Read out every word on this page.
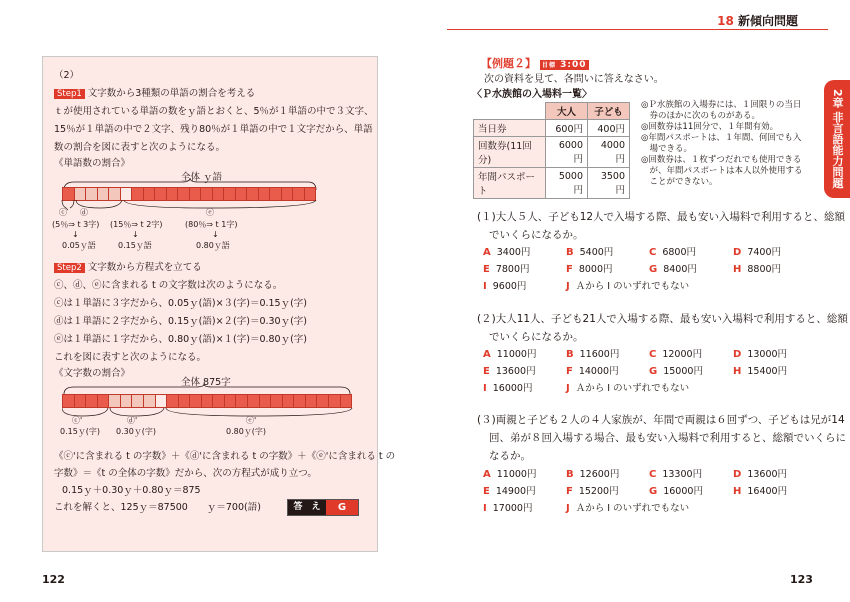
18 新傾向問題
2章 非言語能力問題
（2）
Step1 文字数から3種類の単語の割合を考える
ｔが使用されている単語の数をｙ語とおくと、5％が１単語の中で３文字、
15％が１単語の中で２文字、残り80％が１単語の中で１文字だから、単語
数の割合を図に表すと次のようになる。
《単語数の割合》
全体 ｙ語
ⓒ ⓓ	ⓔ
(5％⇒ t 3字) (15％⇒ t 2字)	(80％⇒ t 1字)
↓	↓	↓
0.05ｙ語	0.15ｙ語	0.80ｙ語
Step2 文字数から方程式を立てる
ⓒ、ⓓ、ⓔに含まれる t の文字数は次のようになる。
ⓒは１単語に３字だから、0.05ｙ(語)×３(字)＝0.15ｙ(字)
ⓓは１単語に２字だから、0.15ｙ(語)×２(字)＝0.30ｙ(字)
ⓔは１単語に１字だから、0.80ｙ(語)×１(字)＝0.80ｙ(字)
これを図に表すと次のようになる。
《文字数の割合》
全体 875字
ⓒ'	ⓓ'	ⓔ'
0.15ｙ(字) 0.30ｙ(字)	0.80ｙ(字)
《ⓒ'に含まれる t の字数》＋《ⓓ'に含まれる t の字数》＋《ⓔ'に含まれる t の
字数》＝《t の全体の字数》だから、次の方程式が成り立つ。
0.15ｙ＋0.30ｙ＋0.80ｙ＝875
これを解くと、125ｙ＝87500　　ｙ＝700(語)	答　え	G
122
【例題２】 目標 3:00
次の資料を見て、各問いに答えなさい。
〈Ｐ水族館の入場料一覧〉
	大人	子ども
当日券	600円	400円
回数券(11回分)	6000円	4000円
年間パスポート	5000円	3500円
◎Ｐ水族館の入場券には、１回限りの当日
　券のほかに次のものがある。
◎回数券は11回分で、１年間有効。
◎年間パスポートは、１年間、何回でも入
　場できる。
◎回数券は、１枚ずつだれでも使用できる
　が、年間パスポートは本人以外使用する
　ことができない。
(１)大人５人、子ども12人で入場する際、最も安い入場料で利用すると、総額
でいくらになるか。
A 3400円	B 5400円	C 6800円	D 7400円
E 7800円	F 8000円	G 8400円	H 8800円
I 9600円	J Ａから I のいずれでもない
(２)大人11人、子ども21人で入場する際、最も安い入場料で利用すると、総額
でいくらになるか。
A 11000円	B 11600円	C 12000円	D 13000円
E 13600円	F 14000円	G 15000円	H 15400円
I 16000円	J Ａから I のいずれでもない
(３)両親と子ども２人の４人家族が、年間で両親は６回ずつ、子どもは兄が14
回、弟が８回入場する場合、最も安い入場料で利用すると、総額でいくらに
なるか。
A 11000円	B 12600円	C 13300円	D 13600円
E 14900円	F 15200円	G 16000円	H 16400円
I 17000円	J Ａから I のいずれでもない
123
